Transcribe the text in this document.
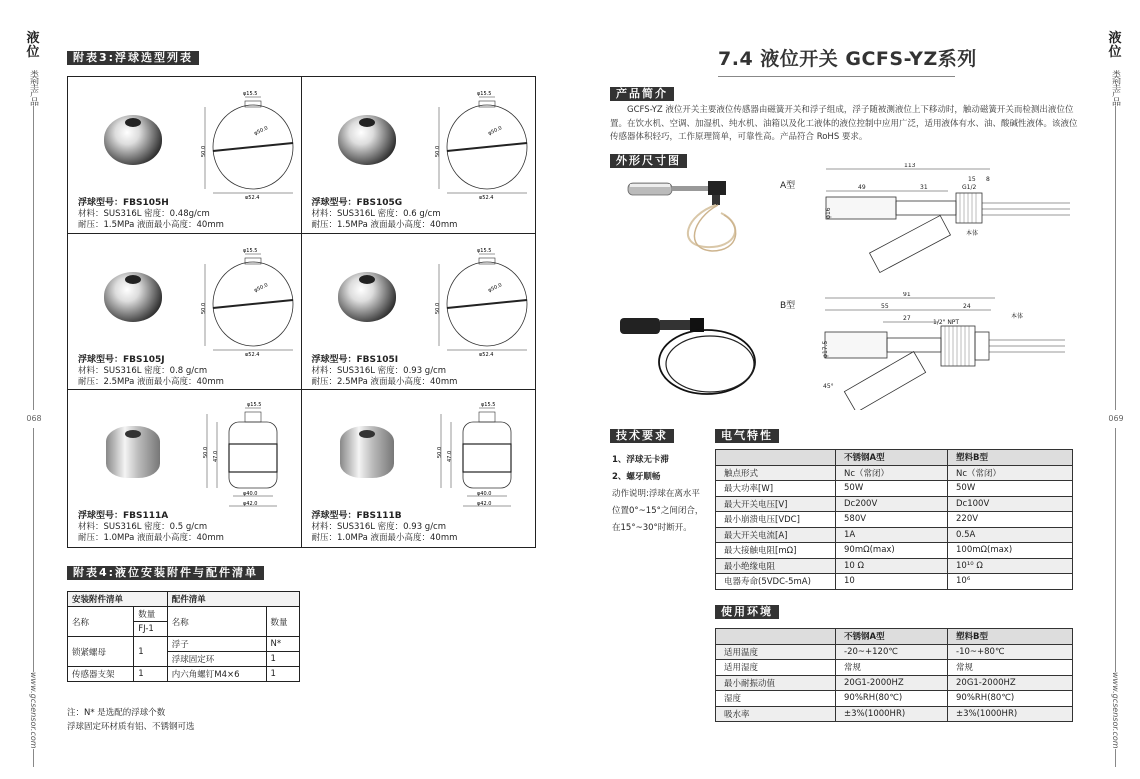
液位
类型产品
液位
类型产品
068	069
www.gcsensor.com	www.gcsensor.com
附表3:浮球选型列表
φ15.5
φ50.0
50.0
φ52.4
浮球型号：FBS105H
材料：SUS316L 密度：0.48g/cm
耐压：1.5MPa 液面最小高度：40mm
φ15.5
φ50.0
50.0
φ52.4
浮球型号：FBS105G
材料：SUS316L 密度：0.6 g/cm
耐压：1.5MPa 液面最小高度：40mm
φ15.5
φ50.0
50.0
φ52.4
浮球型号：FBS105J
材料：SUS316L 密度：0.8 g/cm
耐压：2.5MPa 液面最小高度：40mm
φ15.5
φ50.0
50.0
φ52.4
浮球型号：FBS105I
材料：SUS316L 密度：0.93 g/cm
耐压：2.5MPa 液面最小高度：40mm
φ15.5
50.0 47.0
φ40.0
φ42.0
浮球型号：FBS111A
材料：SUS316L 密度：0.5 g/cm
耐压：1.0MPa 液面最小高度：40mm
φ15.5
50.0 47.0
φ40.0
φ42.0
浮球型号：FBS111B
材料：SUS316L 密度：0.93 g/cm
耐压：1.0MPa 液面最小高度：40mm
附表4:液位安装附件与配件清单
安装附件清单		配件清单	
名称	数量	名称	数量
	FJ-1		
锁紧螺母	1	浮子	N*
		浮球固定环	1
传感器支架	1	内六角螺钉M4×6	1
注：N* 是选配的浮球个数
浮球固定环材质有铝、不锈钢可选
7.4 液位开关 GCFS-YZ系列
产品简介
GCFS-YZ 液位开关主要液位传感器由磁簧开关和浮子组成，浮子随被测液位上下移动时，触动磁簧开关而检测出液位位置。在饮水机、空调、加湿机、纯水机、油箱以及化工液体的液位控制中应用广泛，适用液体有水、油、酸碱性液体。该液位传感器体积轻巧，工作原理简单，可靠性高。产品符合 RoHS 要求。
外形尺寸图
A型
B型
113
49	31
15 8
G1/2
φ16
本体
91
55	24
27
1/2" NPT
φ17.5
45°
本体
技术要求
1、浮球无卡滞
2、螺牙顺畅
动作说明:浮球在离水平位置0°~15°之间闭合，在15°~30°时断开。
电气特性
	不锈钢A型	塑料B型
触点形式	Nc（常闭）	Nc（常闭）
最大功率[W]	50W	50W
最大开关电压[V]	Dc200V	Dc100V
最小崩溃电压[VDC]	580V	220V
最大开关电流[A]	1A	0.5A
最大接触电阻[mΩ]	90mΩ(max)	100mΩ(max)
最小绝缘电阻	10 Ω	10¹⁰ Ω
电器寿命(5VDC-5mA)	10	10⁶
使用环境
	不锈钢A型	塑料B型
适用温度	-20~+120℃	-10~+80℃
适用湿度	常规	常规
最小耐振动值	20G1-2000HZ	20G1-2000HZ
湿度	90%RH(80℃)	90%RH(80℃)
吸水率	±3%(1000HR)	±3%(1000HR)
